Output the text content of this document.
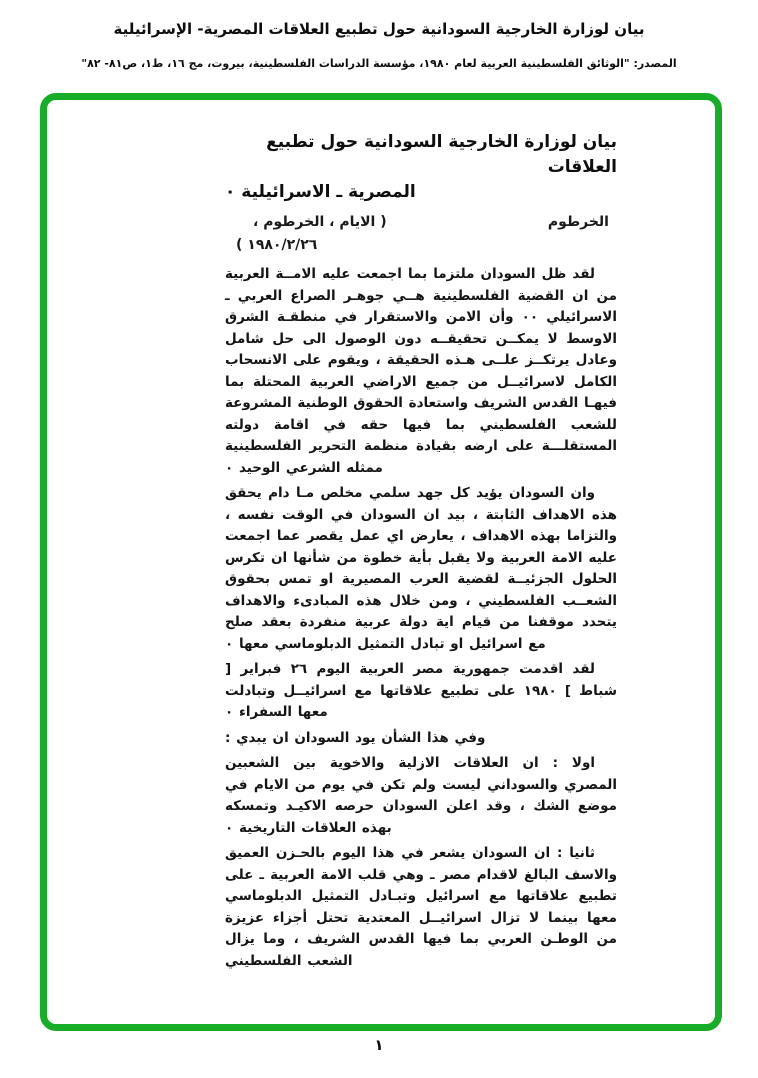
بيان لوزارة الخارجية السودانية حول تطبيع العلاقات المصرية- الإسرائيلية
المصدر: "الوثائق الفلسطينية العربية لعام ١٩٨٠، مؤسسة الدراسات الفلسطينية، بيروت، مج ١٦، ط١، ص٨١- ٨٢"
بيان لوزارة الخارجية السودانية حول تطبيع العلاقات
المصرية ـ الاسرائيلية ٠
الخرطوم
( الايام ، الخرطوم ،
١٩٨٠/٢/٢٦ )
لقد ظل السودان ملتزما بما اجمعت عليه الامــة العربية من ان القضية الفلسطينية هــي جوهـر الصراع العربي ـ الاسرائيلي ٠٠ وأن الامن والاستقرار في منطقـة الشرق الاوسط لا يمكــن تحقيقــه دون الوصول الى حل شامل وعادل يرتكــز علــى هـذه الحقيقة ، ويقوم على الانسحاب الكامل لاسرائيــل من جميع الاراضي العربية المحتلة بما فيهـا القدس الشريف واستعادة الحقوق الوطنية المشروعة للشعب الفلسطيني بما فيها حقه في اقامة دولته المستقلـــة على ارضه بقيادة منظمة التحرير الفلسطينية ممثله الشرعي الوحيد ٠
وان السودان يؤيد كل جهد سلمي مخلص مـا دام يحقق هذه الاهداف الثابتة ، بيد ان السودان في الوقت نفسه ، والتزاما بهذه الاهداف ، يعارض اي عمل يقصر عما اجمعت عليه الامة العربية ولا يقبل بأية خطوة من شأنها ان تكرس الحلول الجزئيــة لقضية العرب المصيرية او تمس بحقوق الشعــب الفلسطيني ، ومن خلال هذه المبادىء والاهداف يتحدد موقفنا من قيام اية دولة عربية منفردة بعقد صلح مع اسرائيل او تبادل التمثيل الدبلوماسي معها ٠
لقد اقدمت جمهورية مصر العربية اليوم ٢٦ فبراير [ شباط ] ١٩٨٠ على تطبيع علاقاتها مع اسرائيــل وتبادلت معها السفراء ٠
وفي هذا الشأن يود السودان ان يبدي :
اولا : ان العلاقات الازلية والاخوية بين الشعبين المصري والسوداني ليست ولم تكن في يوم من الايام في موضع الشك ، وقد اعلن السودان حرصه الاكيـد وتمسكه بهذه العلاقات التاريخية ٠
ثانيا : ان السودان يشعر في هذا اليوم بالحـزن العميق والاسف البالغ لاقدام مصر ـ وهي قلب الامة العربية ـ على تطبيع علاقاتها مع اسرائيل وتبـادل التمثيل الدبلوماسي معها بينما لا تزال اسرائيــل المعتدية تحتل أجزاء عزيزة من الوطـن العربي بما فيها القدس الشريف ، وما يزال الشعب الفلسطيني
١
